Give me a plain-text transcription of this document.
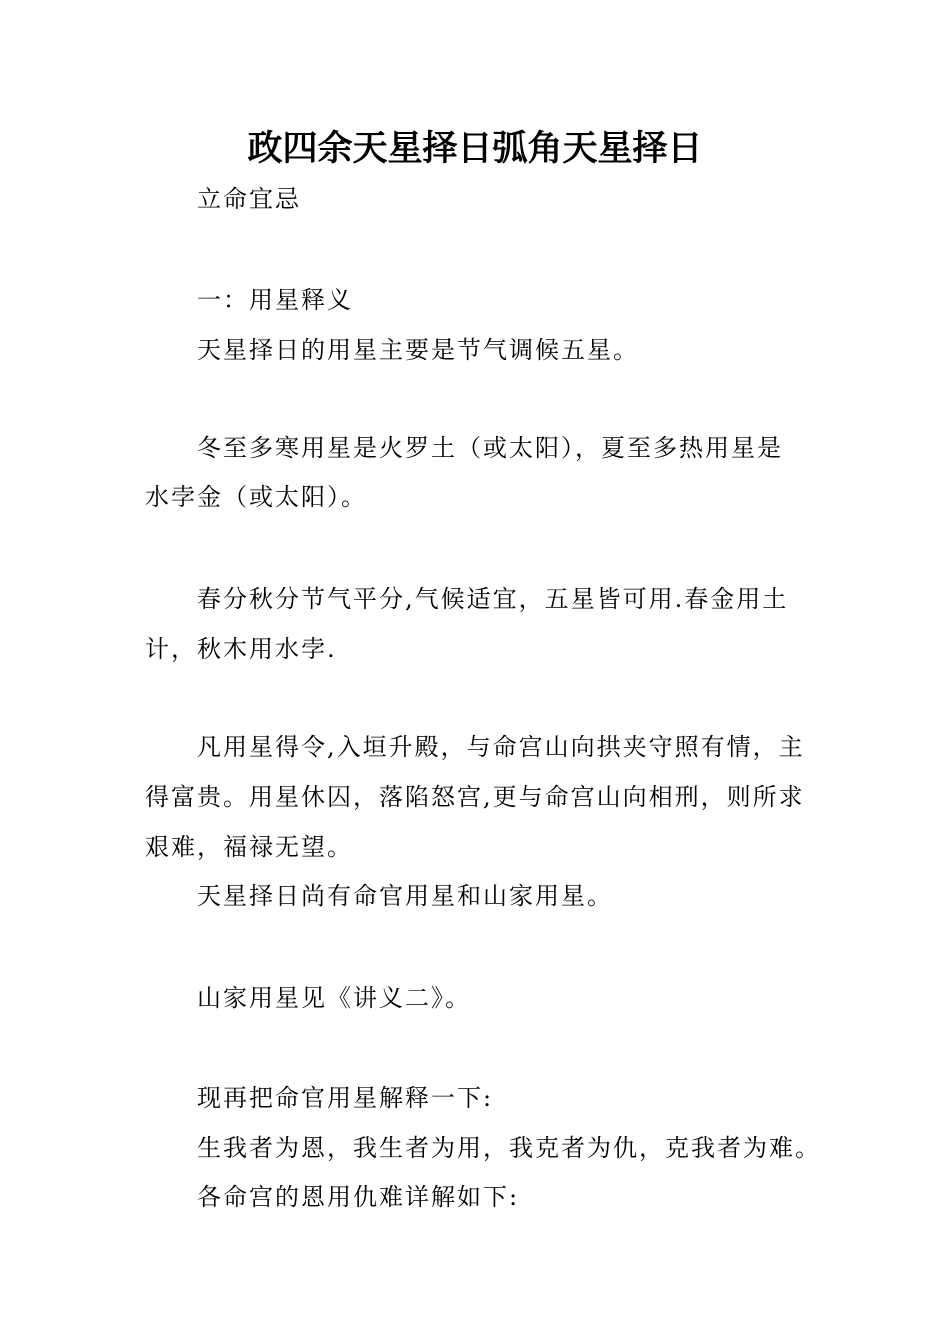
政四余天星择日弧角天星择日
立命宜忌
一：用星释义
天星择日的用星主要是节气调候五星。
冬至多寒用星是火罗土（或太阳），夏至多热用星是
水孛金（或太阳）。
春分秋分节气平分,气候适宜，五星皆可用.春金用土
计，秋木用水孛.
凡用星得令,入垣升殿，与命宫山向拱夹守照有情，主
得富贵。用星休囚，落陷怒宫,更与命宫山向相刑，则所求
艰难，福禄无望。
天星择日尚有命官用星和山家用星。
山家用星见《讲义二》。
现再把命官用星解释一下:
生我者为恩，我生者为用，我克者为仇，克我者为难。
各命宫的恩用仇难详解如下:
